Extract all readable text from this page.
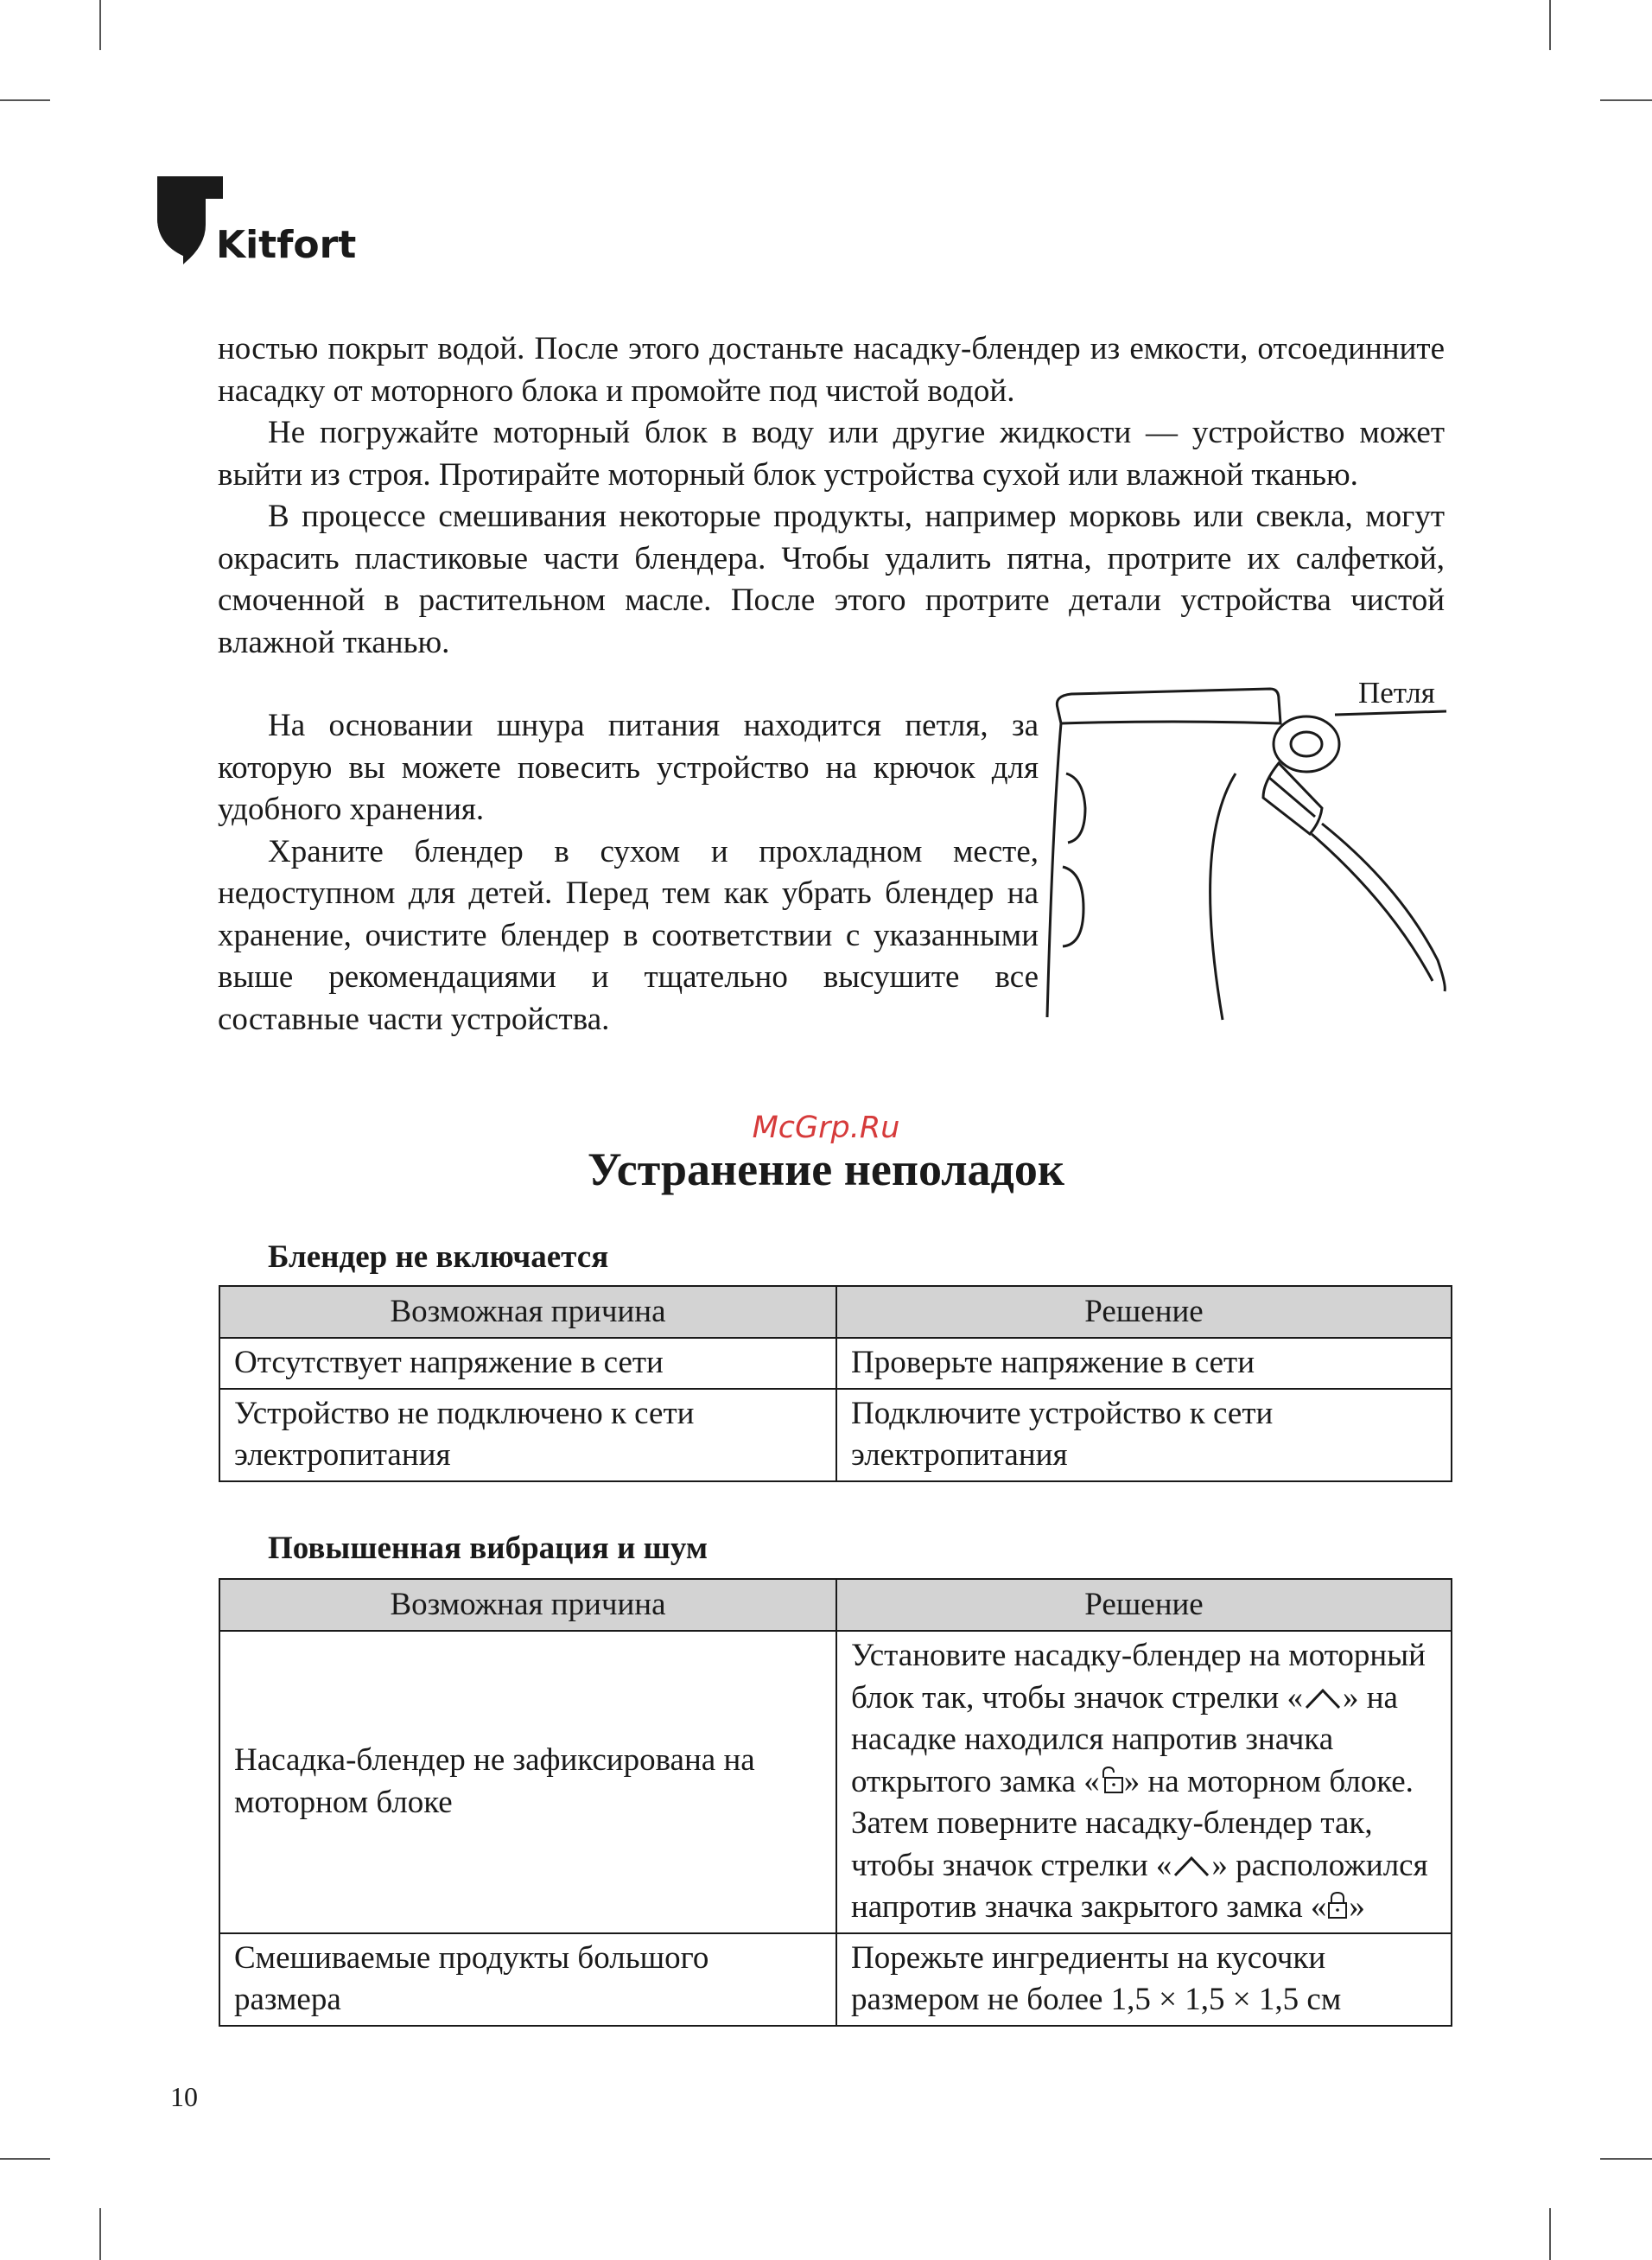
Kitfort

ностью покрыт водой. После этого достаньте насадку-блендер из емкости, отсоединните насадку от моторного блока и промойте под чистой водой.

Не погружайте моторный блок в воду или другие жидкости — устройство может выйти из строя. Протирайте моторный блок устройства сухой или влажной тканью.

В процессе смешивания некоторые продукты, например морковь или свекла, могут окрасить пластиковые части блендера. Чтобы удалить пятна, протрите их салфеткой, смоченной в растительном масле. После этого протрите детали устройства чистой влажной тканью.

На основании шнура питания находится петля, за которую вы можете повесить устройство на крючок для удобного хранения.

Храните блендер в сухом и прохладном месте, недоступном для детей. Перед тем как убрать блендер на хранение, очистите блендер в соответствии с указанными выше рекомендациями и тщательно высушите все составные части устройства.

Петля
McGrp.Ru
Устранение неполадок
Блендер не включается
Возможная причина	Решение
Отсутствует напряжение в сети	Проверьте напряжение в сети
Устройство не подключено к сети электропитания	Подключите устройство к сети электропитания
Повышенная вибрация и шум
Возможная причина	Решение
Насадка-блендер не зафиксирована на моторном блоке	Установите насадку-блендер на моторный блок так, чтобы значок стрелки « » на насадке находился напротив значка открытого замка « » на моторном блоке. Затем поверните насадку-блендер так, чтобы значок стрелки « » расположился напротив значка закрытого замка « »
Смешиваемые продукты большого размера	Порежьте ингредиенты на кусочки размером не более 1,5 × 1,5 × 1,5 см
10
